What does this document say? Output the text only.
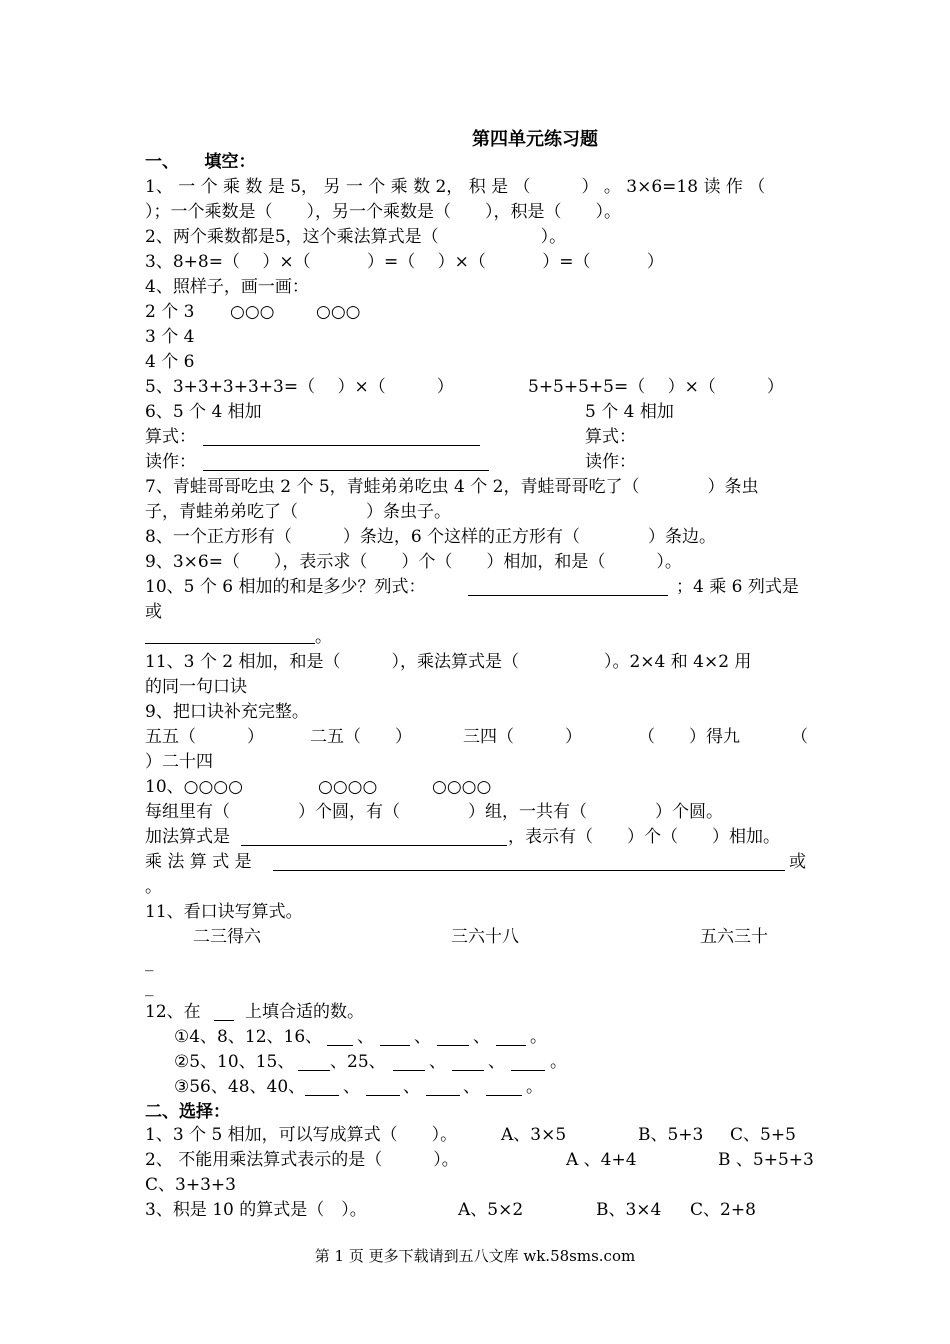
第四单元练习题
一、　　填空：
1、 一 个 乘 数 是 5， 另 一 个 乘 数 2， 积 是 （　　　） 。 3×6=18 读 作 （
）；一个乘数是（　　），另一个乘数是（　　），积是（　　）。
2、两个乘数都是5，这个乘法算式是（　　　　　　）。
3、8+8=（　 ）×（　　　 ）=（　 ）×（　　　 ）=（　　　 ）
4、照样子，画一画：
2 个 3 ○○○ ○○○
3 个 4
4 个 6
5、3+3+3+3+3=（　 ）×（　　　）	5+5+5+5=（　 ）×（　　　）
6、5 个 4 相加	5 个 4 相加
算式：	算式：
读作：	读作：
7、青蛙哥哥吃虫 2 个 5，青蛙弟弟吃虫 4 个 2，青蛙哥哥吃了（　　　　）条虫
子，青蛙弟弟吃了（　　　　）条虫子。
8、一个正方形有（　　　）条边，6 个这样的正方形有（　　　　）条边。
9、3×6=（　　），表示求（　　）个（　　）相加，和是（　　　）。
10、5 个 6 相加的和是多少？列式：	；4 乘 6 列式是
或
。
11、3 个 2 相加，和是（　　　），乘法算式是（　　　　　）。2×4 和 4×2 用
的同一句口诀
9、把口诀补充完整。
五五（　　　）	二五（　　）	三四（　　　）	（　　）得九	（
）二十四
10、○○○○	○○○○	○○○○
每组里有（　　　　）个圆，有（　　　　）组，一共有（　　　　）个圆。
加法算式是	，表示有（　　）个（　　）相加。
乘 法 算 式 是	或
。
11、看口诀写算式。
二三得六	三六十八	五六三十
_
_
12、在	上填合适的数。
①4、8、12、16、 、 、 、 。
②5、10、15、 、25、	、 、	。
③56、48、40、 、	、	、	。
二、选择：
1、3 个 5 相加，可以写成算式（　　）。	A、3×5	B、5+3 C、5+5
2、 不能用乘法算式表示的是（　　　）。	A 、4+4	B 、5+5+3
C、3+3+3
3、积是 10 的算式是（　）。	A、5×2	B、3×4 C、2+8
第 1 页 更多下载请到五八文库 wk.58sms.com
